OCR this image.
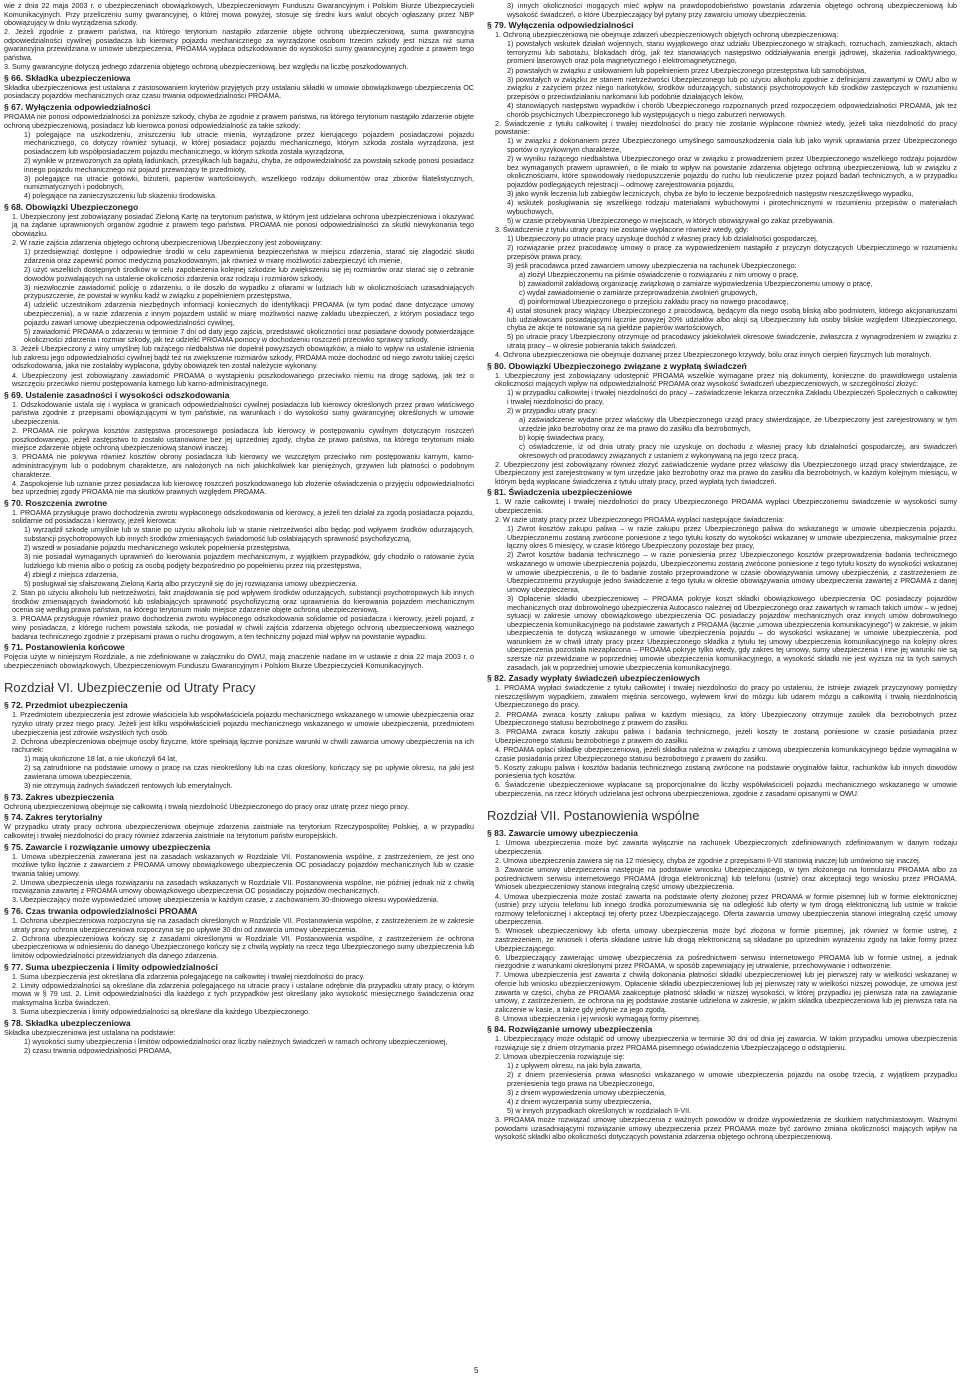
wie z dnia 22 maja 2003 r. o ubezpieczeniach obowiązkowych, Ubezpieczeniowym Funduszu Gwarancyjnym i Polskim Biurze Ubezpieczycieli Komunikacyjnych. Przy przeliczeniu sumy gwarancyjnej, o której mowa powyżej, stosuje się średni kurs walut obcych ogłaszany przez NBP obowiązujący w dniu wyrządzenia szkody.

2. Jeżeli zgodnie z prawem państwa, na którego terytorium nastąpiło zdarzenie objęte ochroną ubezpieczeniową, suma gwarancyjna odpowiedzialności cywilnej posiadacza lub kierowcy pojazdu mechanicznego za wyrządzone osobom trzecim szkody jest niższa niż suma gwarancyjna przewidziana w umowie ubezpieczenia, PROAMA wypłaca odszkodowanie do wysokości sumy gwarancyjnej zgodnie z prawem tego państwa.

3. Sumy gwarancyjne dotyczą jednego zdarzenia objętego ochroną ubezpieczeniową, bez względu na liczbę poszkodowanych.

§ 66. Składka ubezpieczeniowa

Składka ubezpieczeniowa jest ustalana z zastosowaniem kryteriów przyjętych przy ustalaniu składki w umowie obowiązkowego ubezpieczenia OC posiadaczy pojazdów mechanicznych oraz czasu trwania odpowiedzialności PROAMA.

§ 67. Wyłączenia odpowiedzialności

PROAMA nie ponosi odpowiedzialności za poniższe szkody, chyba że zgodnie z prawem państwa, na którego terytorium nastąpiło zdarzenie objęte ochroną ubezpieczeniową, posiadacz lub kierowca ponosi odpowiedzialność za takie szkody:

1) polegające na uszkodzeniu, zniszczeniu lub utracie mienia, wyrządzone przez kierującego pojazdem posiadaczowi pojazdu mechanicznego, co dotyczy również sytuacji, w której posiadacz pojazdu mechanicznego, którym szkoda została wyrządzona, jest posiadaczem lub współposiadaczem pojazdu mechanicznego, w którym szkoda została wyrządzona,

2) wynikłe w przewozonych za opłatą ładunkach, przesyłkach lub bagażu, chyba, że odpowiedzialność za powstałą szkodę ponosi posiadacz innego pojazdu mechanicznego niż pojazd przewożący te przedmioty,

3) polegające na utracie gotówki, biżuterii, papierów wartościowych, wszelkiego rodzaju dokumentów oraz zbiorów filatelistycznych, numizmatycznych i podobnych,

4) polegające na zanieczyszczeniu lub skażeniu środowiska.

§ 68. Obowiązki Ubezpieczonego

1. Ubezpieczony jest zobowiązany posiadać Zieloną Kartę na terytorium państwa, w którym jest udzielana ochrona ubezpieczeniowa i okazywać ją na żądanie uprawnionych organów zgodnie z prawem tego państwa. PROAMA nie ponosi odpowiedzialności za skutki niewykonania tego obowiązku.

2. W razie zajścia zdarzenia objętego ochroną ubezpieczeniową Ubezpieczony jest zobowiązany:

1) przedsięwziąć dostępne i odpowiednie środki w celu zapewnienia bezpieczeństwa w miejscu zdarzenia, starać się złagodzić skutki zdarzenia oraz zapewnić pomoc medyczną poszkodowanym, jak również w miarę możliwości zabezpieczyć ich mienie,

2) użyć wszelkich dostępnych środków w celu zapobieżenia kolejnej szkodzie lub zwiększeniu się jej rozmiarów oraz starać się o zebranie dowodów pozwalających na ustalenie okoliczności zdarzenia oraz rodzaju i rozmiarów szkody,

3) niezwłocznie zawiadomić policję o zdarzeniu, o ile doszło do wypadku z ofiarami w ludziach lub w okolicznościach uzasadniających przypuszczenie, że powstał w wyniku kadź w związku z popełnieniem przestępstwa,

4) udzielić uczestnikom zdarzenia niezbędnych informacji koniecznych do identyfikacji PROAMA (w tym podać dane dotyczące umowy ubezpieczenia), a w razie zdarzenia z innym pojazdem ustalić w miarę możliwości nazwę zakładu ubezpieczeń, z którym posiadacz tego pojazdu zawarł umowę ubezpieczenia odpowiedzialności cywilnej,

5) zawiadomić PROAMA o zdarzeniu w terminie 7 dni od daty jego zajścia, przedstawić okoliczności oraz posiadane dowody potwierdzające okoliczności zdarzenia i rozmiar szkody, jak też udzielić PROAMA pomocy w dochodzeniu roszczeń przeciwko sprawcy szkody.

3. Jeżeli Ubezpieczony z winy umyślnej lub rażącego niedbalstwa nie dopełnił powyższych obowiązków, a miało to wpływ na ustalenie istnienia lub zakresu jego odpowiedzialności cywilnej bądź też na zwiększenie rozmiarów szkody, PROAMA może dochodzić od niego zwrotu takiej części odszkodowania, jaka nie zostałaby wypłacona, gdyby obowiązek ten został należycie wykonany.

4. Ubezpieczony jest zobowiązany zawiadomić PROAMA o wystąpieniu poszkodowanego przeciwko niemu na drogę sądową, jak też o wszczęciu przeciwko niemu postępowania karnego lub karno-administracyjnego.

§ 69. Ustalenie zasadności i wysokości odszkodowania

1. Odszkodowanie ustala się i wypłaca w granicach odpowiedzialności cywilnej posiadacza lub kierowcy określonych przez prawo właściwego państwa zgodnie z przepisami obowiązującymi w tym państwie, na warunkach i do wysokości sumy gwarancyjnej określonych w umowie ubezpieczenia.

2. PROAMA nie pokrywa kosztów zastępstwa procesowego posiadacza lub kierowcy w postępowaniu cywilnym dotyczącym roszczeń poszkodowanego, jeżeli zastępstwo to zostało ustanowione bez jej uprzedniej zgody, chyba że prawo państwa, na którego terytorium miało miejsce zdarzenie objęte ochroną ubezpieczeniową stanowi inaczej.

3. PROAMA nie pokrywa również kosztów obrony posiadacza lub kierowcy we wszczętym przeciwko nim postępowaniu karnym, karno-administracyjnym lub o podobnym charakterze, ani nałożonych na nich jakichkolwiek kar pieniężnych, grzywien lub płatności o podobnym charakterze.

4. Zaspokojenie lub uznanie przez posiadacza lub kierowcę roszczeń poszkodowanego lub złożenie oświadczenia o przyjęciu odpowiedzialności bez uprzedniej zgody PROAMA nie ma skutków prawnych względem PROAMA.

§ 70. Roszczenia zwrotne

1. PROAMA przysługuje prawo dochodzenia zwrotu wypłaconego odszkodowania od kierowcy, a jeżeli ten działał za zgodą posiadacza pojazdu, solidarnie od posiadacza i kierowcy, jeżeli kierowca:

1) wyrządził szkodę umyślnie lub w stanie po użyciu alkoholu lub w stanie nietrzeźwości albo będąc pod wpływem środków odurzających, substancji psychotropowych lub innych środków zmieniających świadomość lub osłabiających sprawność psychofizyczną,

2) wszedł w posiadanie pojazdu mechanicznego wskutek popełnienia przestępstwa,

3) nie posiadał wymaganych uprawnień do kierowania pojazdem mechanicznym, z wyjątkiem przypadków, gdy chodziło o ratowanie życia ludzkiego lub mienia albo o pościg za osobą podjęty bezpośrednio po popełnieniu przez nią przestępstwa,

4) zbiegł z miejsca zdarzenia,

5) posługiwał się sfałszowaną Zieloną Kartą albo przyczynił się do jej rozwiązania umowy ubezpieczenia.

2. Stan po użyciu alkoholu lub nietrzeźwości, fakt znajdowania się pod wpływem środków odurzających, substancji psychotropowych lub innych środków zmieniających świadomość lub osłabiających sprawność psychofizyczną oraz uprawnienia do kierowania pojazdem mechanicznym ocenia się według prawa państwa, na którego terytorium miało miejsce zdarzenie objęte ochroną ubezpieczeniową.

3. PROAMA przysługuje również prawo dochodzenia zwrotu wypłaconego odszkodowania solidarnie od posiadacza i kierowcy, jeżeli pojazd, z winy posiadacza, z którego ruchem powstała szkoda, nie posiadał w chwili zajścia zdarzenia objętego ochroną ubezpieczeniową ważnego badania technicznego zgodnie z przepisami prawa o ruchu drogowym, a ten techniczny pojazd miał wpływ na powstanie wypadku.

§ 71. Postanowienia końcowe

Pojęcia użyte w niniejszym Rozdziale, a nie zdefiniowane w załączniku do OWU, mają znaczenie nadane im w ustawie z dnia 22 maja 2003 r. o ubezpieczeniach obowiązkowych, Ubezpieczeniowym Funduszu Gwarancyjnym i Polskim Biurze Ubezpieczycieli Komunikacyjnych.

Rozdział VI. Ubezpieczenie od Utraty Pracy
§ 72. Przedmiot ubezpieczenia

1. Przedmiotem ubezpieczenia jest zdrowie właściciela lub współwłaściciela pojazdu mechanicznego wskazanego w umowie ubezpieczenia oraz ryzyko utraty przez niego pracy. Jeżeli jest kilku współwłaścicieli pojazdu mechanicznego wskazanego w umowie ubezpieczenia, przedmiotem ubezpieczenia jest zdrowie wszystkich tych osób.

2. Ochrona ubezpieczeniowa obejmuje osoby fizyczne, które spełniają łącznie poniższe warunki w chwili zawarcia umowy ubezpieczenia na ich rachunek:

1) mają ukończone 18 lat, a nie ukończyli 64 lat,

2) są zatrudnione na podstawie umowy o pracę na czas nieokreślony lub na czas określony, kończący się po upływie okresu, na jaki jest zawierana umowa ubezpieczenia,

3) nie otrzymują żadnych świadczeń rentowych lub emerytalnych.

§ 73. Zakres ubezpieczenia

Ochroną ubezpieczeniową obejmuje się całkowitą i trwałą niezdolność Ubezpieczonego do pracy oraz utratę przez niego pracy.

§ 74. Zakres terytorialny

W przypadku utraty pracy ochrona ubezpieczeniowa obejmuje zdarzenia zaistniałe na terytorium Rzeczypospolitej Polskiej, a w przypadku całkowitej i trwałej niezdolności do pracy również zdarzenia zaistniałe na terytorium państw europejskich.

§ 75. Zawarcie i rozwiązanie umowy ubezpieczenia

1. Umowa ubezpieczenia zawierana jest na zasadach wskazanych w Rozdziale VII. Postanowienia wspólne, z zastrzeżeniem, że jest ono możliwe tylko łącznie z zawarciem z PROAMA umowy obowiązkowego ubezpieczenia OC posiadaczy pojazdów mechanicznych lub w czasie trwania takiej umowy.

2. Umowa ubezpieczenia ulega rozwiązaniu na zasadach wskazanych w Rozdziale VII. Postanowienia wspólne, nie później jednak niż z chwilą rozwiązania zawartej z PROAMA umowy obowiązkowego ubezpieczenia OC posiadaczy pojazdów mechanicznych.

3. Ubezpieczający może wypowiedzieć umowę ubezpieczenia w każdym czasie, z zachowaniem 30-dniowego okresu wypowiedzenia.

§ 76. Czas trwania odpowiedzialności PROAMA

1. Ochrona ubezpieczeniowa rozpoczyna się na zasadach określonych w Rozdziale VII. Postanowienia wspólne, z zastrzeżeniem że w zakresie utraty pracy ochrona ubezpieczeniowa rozpoczyna się po upływie 30 dni od zawarcia umowy ubezpieczenia.

2. Ochrona ubezpieczeniowa kończy się z zasadami określonymi w Rozdziale VII. Postanowienia wspólne, z zastrzeżeniem że ochrona ubezpieczeniowa w odniesieniu do danego Ubezpieczonego kończy się z chwilą wypłaty na rzecz tego Ubezpieczonego sumy ubezpieczenia lub limitów odpowiedzialności przewidzianych dla danego zdarzenia.

§ 77. Suma ubezpieczenia i limity odpowiedzialności

1. Suma ubezpieczenia jest określana dla zdarzenia polegającego na całkowitej i trwałej niezdolności do pracy.

2. Limity odpowiedzialności są określane dla zdarzenia polegającego na utracie pracy i ustalane odrębnie dla przypadku utraty pracy, o którym mowa w § 79 ust. 2. Limit odpowiedzialności dla każdego z tych przypadków jest określany jako wysokość miesięcznego świadczenia oraz maksymalna liczba świadczeń.

3. Suma ubezpieczenia i limity odpowiedzialności są określane dla każdego Ubezpieczonego.

§ 78. Składka ubezpieczeniowa

Składka ubezpieczeniowa jest ustalana na podstawie:

1) wysokości sumy ubezpieczenia i limitów odpowiedzialności oraz liczby należnych świadczeń w ramach ochrony ubezpieczeniowej,

2) czasu trwania odpowiedzialności PROAMA,

3) innych okoliczności mogących mieć wpływ na prawdopodobieństwo powstania zdarzenia objętego ochroną ubezpieczeniową lub wysokość świadczeń, o które Ubezpieczający był pytany przy zawarciu umowy ubezpieczenia.

§ 79. Wyłączenia odpowiedzialności

1. Ochroną ubezpieczeniową nie obejmuje zdarzeń ubezpieczeniowych objętych ochroną ubezpieczeniową:

1) powstałych wskutek działań wojennych, stanu wyjątkowego oraz udziału Ubezpieczonego w strajkach, rozruchach, zamieszkach, aktach terroryzmu lub sabotażu, blokadach dróg, jak też stanowiących następstwo oddziaływania energii jądrowej, skażenia radioaktywnego, promieni laserowych oraz pola magnetycznego i elektromagnetycznego,

2) powstałych w związku z usiłowaniem lub popełnieniem przez Ubezpieczonego przestępstwa lub samobójstwa,

3) powstałych w związku ze stanem nietrzeźwości Ubezpieczonego lub po użyciu alkoholu zgodnie z definicjami zawartymi w OWU albo w związku z zażyciem przez niego narkotyków, środków odurzających, substancji psychotropowych lub środków zastępczych w rozumieniu przepisów o przeciwdziałaniu narkomanii lub podobnie działających leków,

4) stanowiących następstwo wypadków i chorób Ubezpieczonego rozpoznanych przed rozpoczęciem odpowiedzialności PROAMA, jak też chorób psychicznych Ubezpieczonego lub występujących u niego zaburzeń nerwowych.

2. Świadczenie z tytułu całkowitej i trwałej niezdolności do pracy nie zostanie wypłacone również wtedy, jeżeli taka niezdolność do pracy powstanie:

1) w związku z dokonaniem przez Ubezpieczonego umyślnego samouszkodzenia ciała lub jako wynik uprawiania przez Ubezpieczonego sportów o ryzykownym charakterze,

2) w wyniku rażącego niedbalstwa Ubezpieczonego oraz w związku z prowadzeniem przez Ubezpieczonego wszelkiego rodzaju pojazdów bez wymaganych prawem uprawnień, o ile miało to wpływ na powstanie zdarzenia objętego ochroną ubezpieczeniową, lub w związku z okolicznościami, które spowodowały niedopuszczenie pojazdu do ruchu lub nieuliczenie przez pojazd badań technicznych, a w przypadku pojazdów podlegających rejestracji – odmowę zarejestrowania pojazdu,

3) jako wynik leczenia lub zabiegów leczniczych, chyba że było to leczenie bezpośrednich następstw nieszczęśliwego wypadku,

4) wskutek posługiwania się wszelkiego rodzaju materiałami wybuchowymi i pirotechnicznymi w rozumieniu przepisów o materiałach wybuchowych,

5) w czasie przebywania Ubezpieczonego w miejscach, w których obowiązywał go zakaz przebywania.

3. Świadczenie z tytułu utraty pracy nie zostanie wypłacone również wtedy, gdy:

1) Ubezpieczony po utracie pracy uzyskuje dochód z własnej pracy lub działalności gospodarczej,

2) rozwiązanie przez pracodawcę umowy o pracę za wypowiedzeniem nastąpiło z przyczyn dotyczących Ubezpieczonego w rozumieniu przepisów prawa pracy,

3) jeśli pracodawca przed zawarciem umowy ubezpieczenia na rachunek Ubezpieczonego:

a) złożył Ubezpieczonemu na piśmie oświadczenie o rozwiązaniu z nim umowy o pracę,

b) zawiadomił zakładową organizację związkową o zamiarze wypowiedzenia Ubezpieczonemu umowy o pracę,

c) wydał zawiadomienie o zamiarze przeprowadzenia zwolnień grupowych,

d) poinformował Ubezpieczonego o przejściu zakładu pracy na nowego pracodawcę,

4) ustał stosunek pracy wiążący Ubezpieczonego z pracodawcą, będącym dla niego osobą bliską albo podmiotem, którego akcjonariuszami lub udziałowcami posiadającymi łącznie powyżej 20% udziałów albo akcji są Ubezpieczony lub osoby bliskie względem Ubezpieczonego, chyba że akcje te notowane są na giełdzie papierów wartościowych,

5) po utracie pracy Ubezpieczony otrzymuje od pracodawcy jakiekolwiek okresowe świadczenie, zwłaszcza z wynagrodzeniem w związku z utratą pracy – w okresie pobierania takich świadczeń.

4. Ochrona ubezpieczeniowa nie obejmuje doznanej przez Ubezpieczonego krzywdy, bólu oraz innych cierpień fizycznych lub moralnych.

§ 80. Obowiązki Ubezpieczonego związane z wypłatą świadczeń

1. Ubezpieczony jest zobowiązany udostępnić PROAMA wszelkie wymagane przez nią dokumenty, konieczne do prawidłowego ustalenia okoliczności mających wpływ na odpowiedzialność PROAMA oraz wysokość świadczeń ubezpieczeniowych, w szczególności złożyć:

1) w przypadku całkowitej i trwałej niezdolności do pracy – zaświadczenie lekarza orzecznika Zakładu Ubezpieczeń Społecznych o całkowitej i trwałej niezdolności do pracy,

2) w przypadku utraty pracy:

a) zaświadczenie wydane przez właściwy dla Ubezpieczonego urząd pracy stwierdzające, że Ubezpieczony jest zarejestrowany w tym urzędzie jako bezrobotny oraz że ma prawo do zasiłku dla bezrobotnych,

b) kopię świadectwa pracy,

c) oświadczenie, iż od dnia utraty pracy nie uzyskuje on dochodu z własnej pracy lub działalności gospodarczej, ani świadczeń okresowych od pracodawcy związanych z ustaniem z wykonywaną na jego rzecz pracą.

2. Ubezpieczony jest zobowiązany również złożyć zaświadczenie wydane przez właściwy dla Ubezpieczonego urząd pracy stwierdzające, że Ubezpieczony jest zarejestrowany w tym urzędzie jako bezrobotny oraz ma prawo do zasiłku dla bezrobotnych, w każdym kolejnym miesiącu, w którym będą wypłacane świadczenia z tytułu utraty pracy, przed wypłatą tych świadczeń.

§ 81. Świadczenia ubezpieczeniowe

1. W razie całkowitej i trwałej niezdolności do pracy Ubezpieczonego PROAMA wypłaci Ubezpieczonemu świadczenie w wysokości sumy ubezpieczenia.

2. W razie utraty pracy przez Ubezpieczonego PROAMA wypłaci następujące świadczenia:

1) Zwrot kosztów zakupu paliwa – w razie zakupu przez Ubezpieczonego paliwa do wskazanego w umowie ubezpieczenia pojazdu, Ubezpieczonemu zostaną zwrócone poniesione z tego tytułu koszty do wysokości wskazanej w umowie ubezpieczenia, maksymalnie przez łączny okres 6 miesięcy, w czasie którego Ubezpieczony pozostaje bez pracy,

2) Zwrot kosztów badania technicznego – w razie poniesienia przez Ubezpieczonego kosztów przeprowadzenia badania technicznego wskazanego w umowie ubezpieczenia pojazdu, Ubezpieczonemu zostaną zwrócone poniesione z tego tytułu koszty do wysokości wskazanej w umowie ubezpieczenia, o ile to badanie zostało przeprowadzone w czasie obowiązywania umowy ubezpieczenia, z zastrzeżeniem że Ubezpieczonemu przysługuje jedno świadczenie z tego tytułu w okresie obowiązywania umowy ubezpieczenia zawartej z PROAMA z danej umowy ubezpieczenia,

3) Opłacenie składki ubezpieczeniowej – PROAMA pokryje koszt składki obowiązkowego ubezpieczenia OC posiadaczy pojazdów mechanicznych oraz dobrowolnego ubezpieczenia Autocasco należnej od Ubezpieczonego oraz zawartych w ramach takich umów – w jednej sytuacji w zakresie umowy obowiązkowego ubezpieczenia OC posiadaczy pojazdów mechanicznych oraz innych umów dobrowolnego ubezpieczenia komunikacyjnego na podstawie zawartych z PROAMA (łącznie „umowa ubezpieczenia komunikacyjnego") w zakresie, w jakim ubezpieczenia te dotyczą wskazanego w umowie ubezpieczenia pojazdu – do wysokości wskazanej w umowie ubezpieczenia, pod warunkiem że w chwili utraty pracy przez Ubezpieczonego składka z tytułu tej umowy ubezpieczenia komunikacyjnego na kolejny okres ubezpieczenia pozostała niezapłacona – PROAMA pokryje tylko wtedy, gdy zakres tej umowy, sumy ubezpieczenia i inne jej warunki nie są szersze niż przewidziane w poprzedniej umowie ubezpieczenia komunikacyjnego, a wysokość składki nie jest wyższa niż ta tych samych zasadach, jak w poprzedniej umowie ubezpieczenia komunikacyjnego.

§ 82. Zasady wypłaty świadczeń ubezpieczeniowych

1. PROAMA wypłaci świadczenie z tytułu całkowitej i trwałej niezdolności do pracy po ustaleniu, że istnieje związek przyczynowy pomiędzy nieszczęśliwym wypadkiem, zawałem mięśnia sercowego, wylewem krwi do mózgu lub udarem mózgu a całkowitą i trwałą niezdolnością Ubezpieczonego do pracy.

2. PROAMA zwraca koszty zakupu paliwa w każdym miesiącu, za który Ubezpieczony otrzymuje zasiłek dla bezrobotnych przez Ubezpieczonego statusu bezrobotnego z prawem do zasiłku.

3. PROAMA zwraca koszty zakupu paliwa i badania technicznego, jeżeli koszty te zostaną poniesione w czasie posiadania przez Ubezpieczonego statusu bezrobotnego z prawem do zasiłku.

4. PROAMA opłaci składkę ubezpieczeniową, jeżeli składka należna w związku z umową ubezpieczenia komunikacyjnego będzie wymagalna w czasie posiadania przez Ubezpieczonego statusu bezrobotnego z prawem do zasiłku.

5. Koszty zakupu paliwa i kosztów badania technicznego zostaną zwrócone na podstawie oryginałów faktur, rachunków lub innych dowodów poniesienia tych kosztów.

6. Świadczenie ubezpieczeniowe wypłacane są proporcjonalnie do liczby współwłaścicieli pojazdu mechanicznego wskazanego w umowie ubezpieczenia, na rzecz których udzielana jest ochrona ubezpieczeniowa, zgodnie z zasadami opisanymi w OWU.

Rozdział VII. Postanowienia wspólne
§ 83. Zawarcie umowy ubezpieczenia

1. Umowa ubezpieczenia może być zawarta wyłącznie na rachunek Ubezpieczonych zdefiniowanych zdefiniowanym w danym rodzaju ubezpieczenia.

2. Umowa ubezpieczenia zawiera się na 12 miesięcy, chyba że zgodnie z przepisami II-VII stanowią inaczej lub umówiono się inaczej.

3. Zawarcie umowy ubezpieczenia następuje na podstawie wniosku Ubezpieczającego, w tym złożonego na formularzu PROAMA albo za pośrednictwem serwisu internetowego PROAMA (droga elektroniczną) lub telefonu (ustnie) oraz akceptacji tego wniosku przez PROAMA. Wniosek ubezpieczeniowy stanowi integralną część umowy ubezpieczenia.

4. Umowa ubezpieczenia może zostać zawarta na podstawie oferty złożonej przez PROAMA w formie pisemnej lub w formie elektronicznej (ustnie) przy użyciu telefonu lub innego środka porozumiewania się na odległość lub oferty w tym drogą elektroniczną lub ustnie w trakcie rozmowy telefonicznej i akceptacji tej oferty przez Ubezpieczającego. Oferta zawarcia umowy ubezpieczenia stanowi integralną część umowy ubezpieczenia.

5. Wniosek ubezpieczeniowy lub oferta umowy ubezpieczenia może być złożona w formie pisemnej, jak również w formie ustnej, z zastrzeżeniem, że wniosek i oferta składane ustnie lub drogą elektroniczną są składane po uprzednim wyrażeniu zgody na takie formy przez Ubezpieczającego.

6. Ubezpieczający zawierając umowę ubezpieczenia za pośrednictwem serwisu internetowego PROAMA lub w formie ustnej, a jednak niezgodnie z warunkami określonymi przez PROAMA, w sposób zapewniający jej utrwalenie, przechowywanie i odtworzenie.

7. Umowa ubezpieczenia jest zawarta z chwilą dokonania płatności składki ubezpieczeniowej lub jej pierwszej raty w wielkości wskazanej w ofercie lub wniosku ubezpieczeniowym. Opłacenie składki ubezpieczeniowej lub jej pierwszej raty w wielkości niższej powoduje, że umowa jest zawarta w części, chyba że PROAMA zaakceptuje płatność składki w niższej wysokości, w której przypadku jej pierwsza rata na zawiązanie umowy, z zastrzeżeniem, że ochrona na jej podstawie zostanie udzielona w zakresie, w jakim składka ubezpieczeniowa lub jej pierwsza rata na zaliczenie w kasie, a także gdy jedynie za jego zgodą.

8. Umowa ubezpieczenia i jej wnioski wymagają formy pisemnej.

§ 84. Rozwiązanie umowy ubezpieczenia

1. Ubezpieczający może odstąpić od umowy ubezpieczenia w terminie 30 dni od dnia jej zawarcia. W takim przypadku umowa ubezpieczenia rozwiązuje się z dniem otrzymania przez PROAMA pisemnego oświadczenia Ubezpieczającego o odstąpieniu.

2. Umowa ubezpieczenia rozwiązuje się:

1) z upływem okresu, na jaki była zawarta,

2) z dniem przeniesienia prawa własności wskazanego w umowie ubezpieczenia pojazdu na osobę trzecią, z wyjątkiem przypadku przeniesienia tego prawa na Ubezpieczonego,

3) z dniem wypowiedzenia umowy ubezpieczenia,

4) z dniem wyczerpania sumy ubezpieczenia,

5) w innych przypadkach określonych w rozdziałach II-VII.

3. PROAMA może rozwiązać umowę ubezpieczenia z ważnych powodów w drodze wypowiedzenia ze skutkiem natychmiastowym. Ważnymi powodami uzasadniającymi rozwiązanie umowy ubezpieczenia przez PROAMA może być zarówno zmiana okoliczności mających wpływ na wysokość składki albo okoliczności dotyczących powstania zdarzenia objętego ochroną ubezpieczeniową.

5
